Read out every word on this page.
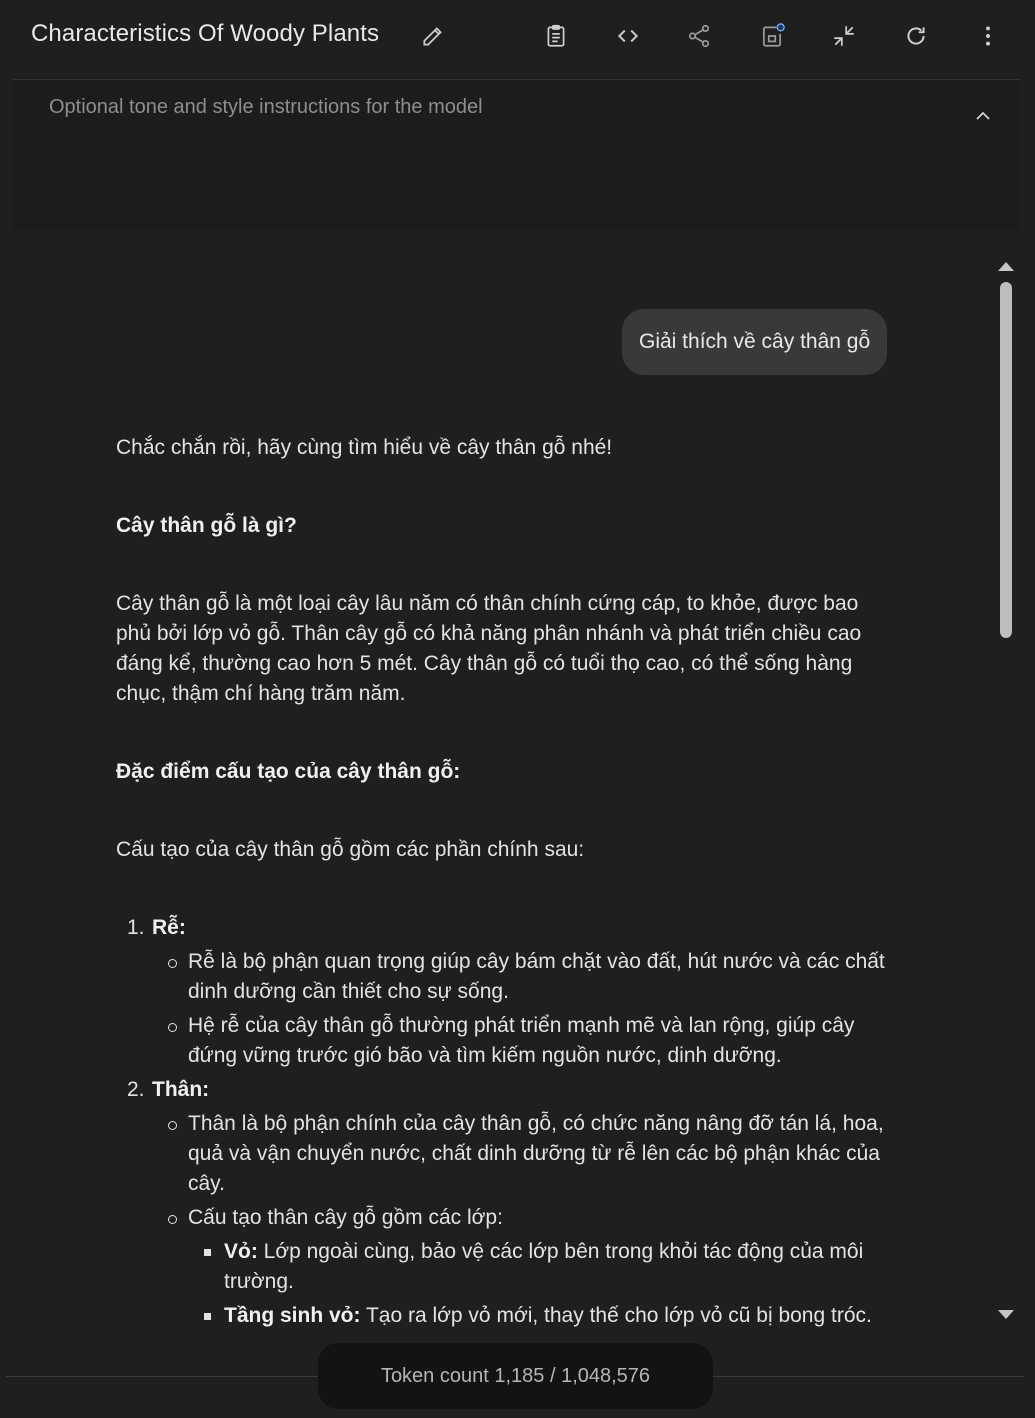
Characteristics Of Woody Plants
Optional tone and style instructions for the model
Giải thích về cây thân gỗ

Chắc chắn rồi, hãy cùng tìm hiểu về cây thân gỗ nhé!

Cây thân gỗ là gì?

Cây thân gỗ là một loại cây lâu năm có thân chính cứng cáp, to khỏe, được bao phủ bởi lớp vỏ gỗ. Thân cây gỗ có khả năng phân nhánh và phát triển chiều cao đáng kể, thường cao hơn 5 mét. Cây thân gỗ có tuổi thọ cao, có thể sống hàng chục, thậm chí hàng trăm năm.

Đặc điểm cấu tạo của cây thân gỗ:

Cấu tạo của cây thân gỗ gồm các phần chính sau:

1. Rễ:
Rễ là bộ phận quan trọng giúp cây bám chặt vào đất, hút nước và các chất dinh dưỡng cần thiết cho sự sống.
Hệ rễ của cây thân gỗ thường phát triển mạnh mẽ và lan rộng, giúp cây đứng vững trước gió bão và tìm kiếm nguồn nước, dinh dưỡng.
2. Thân:
Thân là bộ phận chính của cây thân gỗ, có chức năng nâng đỡ tán lá, hoa, quả và vận chuyển nước, chất dinh dưỡng từ rễ lên các bộ phận khác của cây.
Cấu tạo thân cây gỗ gồm các lớp:
Vỏ: Lớp ngoài cùng, bảo vệ các lớp bên trong khỏi tác động của môi trường.
Tầng sinh vỏ: Tạo ra lớp vỏ mới, thay thế cho lớp vỏ cũ bị bong tróc.
Token count 1,185 / 1,048,576
